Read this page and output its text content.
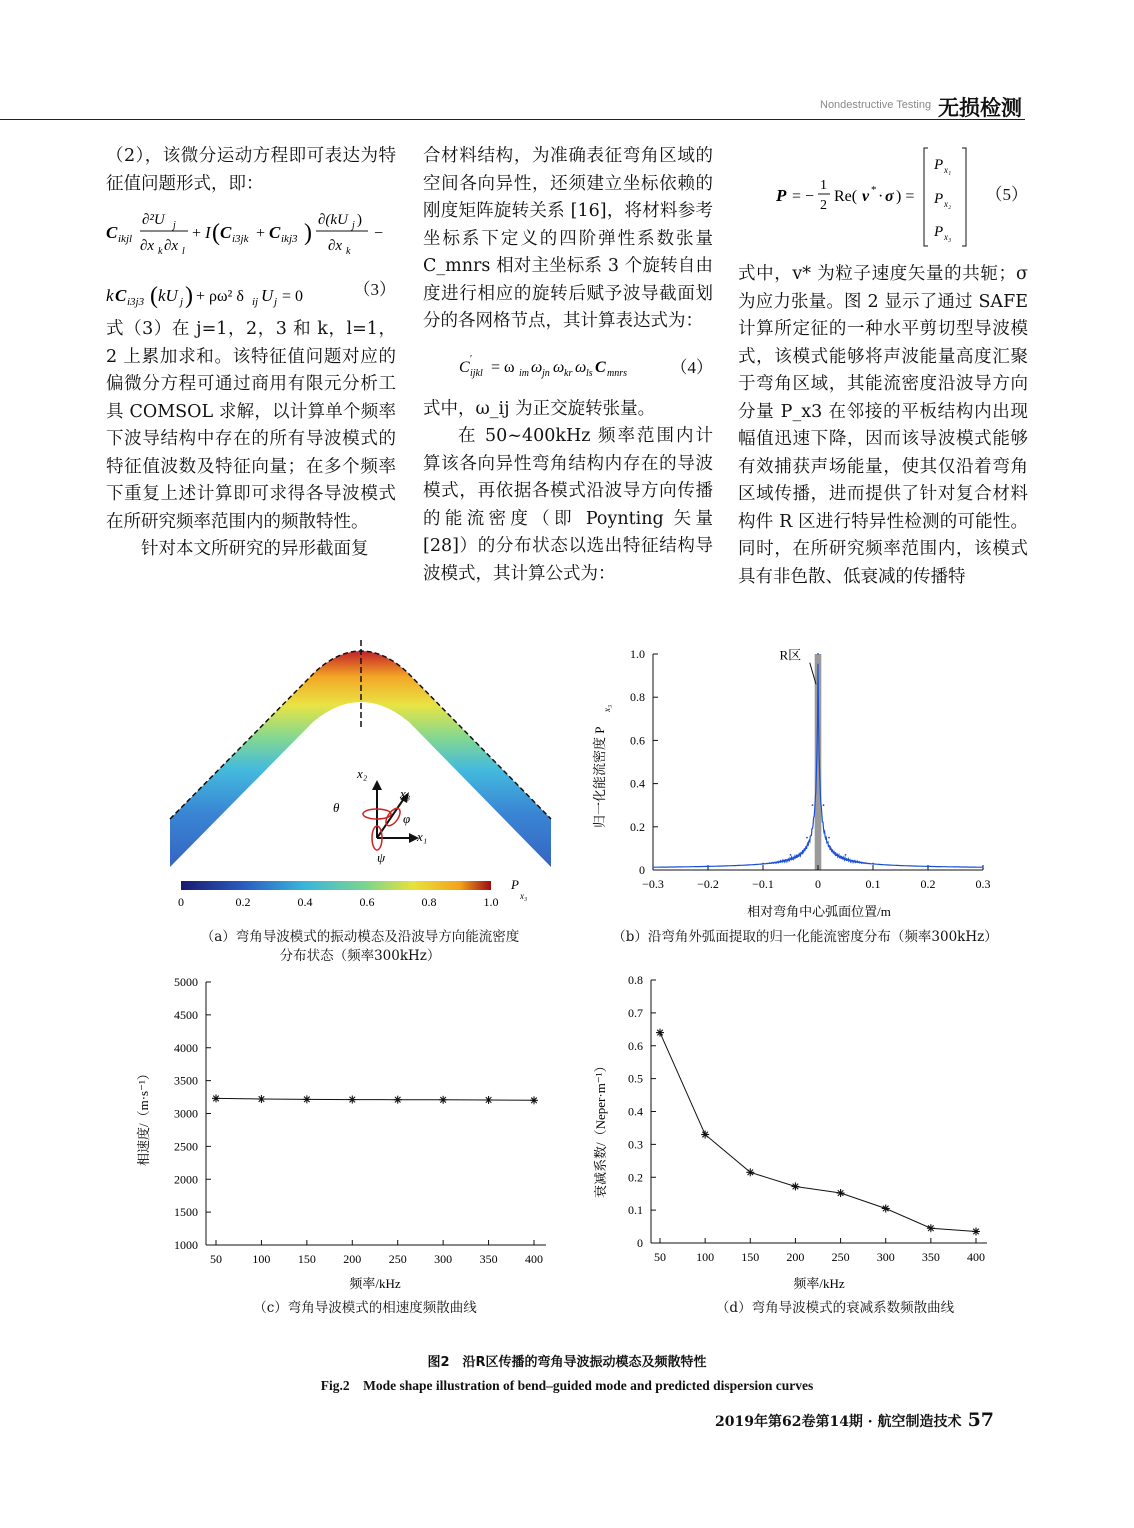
Nondestructive Testing 无损检测

（2），该微分运动方程即可表达为特征值问题形式，即：

C ikjl
∂²U j
∂x k ∂x l
+ I ( C i3jk + C ikj3 ) ∂(kU j )
∂x k
−
k C i3j3 ( kU j ) + ρω² δ ij U j = 0	（3）

式（3）在 j=1，2，3 和 k，l=1，2 上累加求和。该特征值问题对应的偏微分方程可通过商用有限元分析工具 COMSOL 求解，以计算单个频率下波导结构中存在的所有导波模式的特征值波数及特征向量；在多个频率下重复上述计算即可求得各导波模式在所研究频率范围内的频散特性。

针对本文所研究的异形截面复

合材料结构，为准确表征弯角区域的空间各向异性，还须建立坐标依赖的刚度矩阵旋转关系 [16]，将材料参考坐标系下定义的四阶弹性系数张量 C_mnrs 相对主坐标系 3 个旋转自由度进行相应的旋转后赋予波导截面划分的各网格节点，其计算表达式为：

C ′
ijkl = ω im ω jn ω kr ω ls C mnrs	（4）

式中，ω_ij 为正交旋转张量。

在 50~400kHz 频率范围内计算该各向异性弯角结构内存在的导波模式，再依据各模式沿波导方向传播的能流密度（即 Poynting 矢量 [28]）的分布状态以选出特征结构导波模式，其计算公式为：

P = −
1
2
Re( v * · σ ) =
P x₁
P x₂
P x₃
（5）

式中，v* 为粒子速度矢量的共轭；σ 为应力张量。图 2 显示了通过 SAFE 计算所定征的一种水平剪切型导波模式，该模式能够将声波能量高度汇聚于弯角区域，其能流密度沿波导方向分量 P_x3 在邻接的平板结构内出现幅值迅速下降，因而该导波模式能够有效捕获声场能量，使其仅沿着弯角区域传播，进而提供了针对复合材料构件 R 区进行特异性检测的可能性。同时，在所研究频率范围内，该模式具有非色散、低衰减的传播特

x₂
x₃
x₁
θ
φ
ψ
0	0.2	0.4	0.6	0.8	1.0
P
x₃
（a）弯角导波模式的振动模态及沿波导方向能流密度
分布状态（频率300kHz）
归一化能流密度 P
x₃
相对弯角中心弧面位置/m
0
0.2
0.4
0.6
0.8
1.0
−0.3	−0.2	−0.1	0	0.1	0.2	0.3
R区
（b）沿弯角外弧面提取的归一化能流密度分布（频率300kHz）
相速度/（m·s⁻¹）
频率/kHz
1000
1500
2000
2500
3000
3500
4000
4500
5000
50	100 150 200 250 300 350 400
（c）弯角导波模式的相速度频散曲线
衰减系数/（Neper·m⁻¹）
频率/kHz
0
0.1
0.2
0.3
0.4
0.5
0.6
0.7
0.8
50	100 150 200 250 300 350 400
（d）弯角导波模式的衰减系数频散曲线
图2　沿R区传播的弯角导波振动模态及频散特性
Fig.2　Mode shape illustration of bend–guided mode and predicted dispersion curves
2019年第62卷第14期 · 航空制造技术 57
